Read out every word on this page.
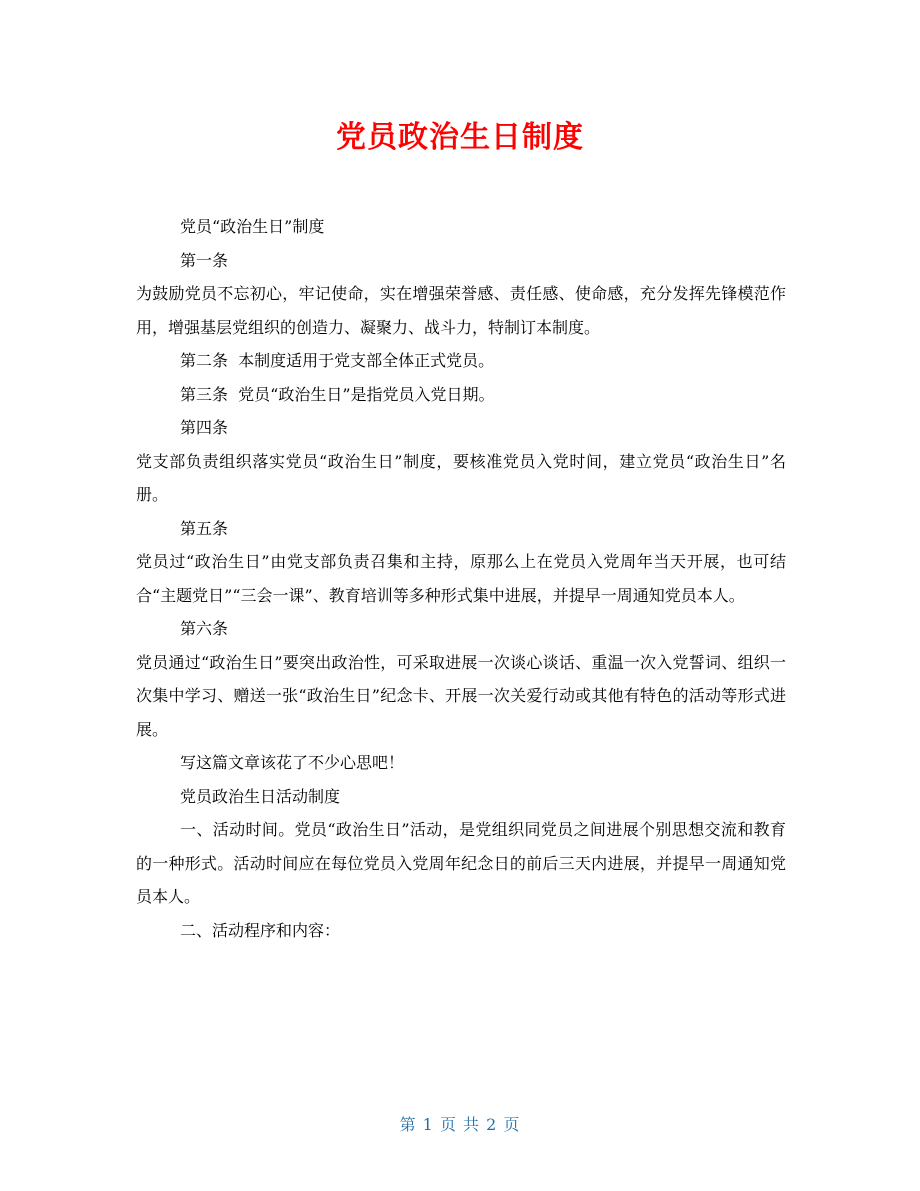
党员政治生日制度

党员“政治生日”制度

第一条

为鼓励党员不忘初心，牢记使命，实在增强荣誉感、责任感、使命感，充分发挥先锋模范作用，增强基层党组织的创造力、凝聚力、战斗力，特制订本制度。

第二条  本制度适用于党支部全体正式党员。

第三条  党员“政治生日”是指党员入党日期。

第四条

党支部负责组织落实党员“政治生日”制度，要核准党员入党时间，建立党员“政治生日”名册。

第五条

党员过“政治生日”由党支部负责召集和主持，原那么上在党员入党周年当天开展，也可结合“主题党日”“三会一课”、教育培训等多种形式集中进展，并提早一周通知党员本人。

第六条

党员通过“政治生日”要突出政治性，可采取进展一次谈心谈话、重温一次入党誓词、组织一次集中学习、赠送一张“政治生日”纪念卡、开展一次关爱行动或其他有特色的活动等形式进展。

写这篇文章该花了不少心思吧！

党员政治生日活动制度

一、活动时间。党员“政治生日”活动，是党组织同党员之间进展个别思想交流和教育的一种形式。活动时间应在每位党员入党周年纪念日的前后三天内进展，并提早一周通知党员本人。

二、活动程序和内容：

第 1 页 共 2 页
